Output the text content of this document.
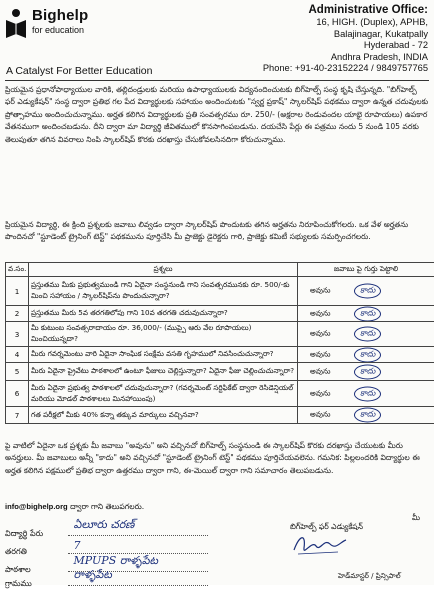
Bighelp
for education
A Catalyst For Better Education
Administrative Office:
16, HIGH. (Duplex), APHB,
Balajinagar, Kukatpally
Hyderabad - 72
Andhra Pradesh, INDIA
Phone: +91-40-23152224 / 9849757765
ప్రియమైన ప్రధానోపాధ్యాయుల వారికి, తల్లిదండ్రులకు మరియు ఉపాధ్యాయులకు విద్యనందించుటకు బిగ్‌హెల్ప్ సంస్థ కృషి చేస్తున్నది. "బిగ్‌హెల్ప్ ఫర్ ఎడ్యుకేషన్" సంస్థ ద్వారా ప్రతిభ గల పేద విద్యార్థులకు సహాయం అందించుటకు "స్వర్ణ ప్రకాష్" స్కాలర్‌షిప్ పథకము ద్వారా ఉన్నత చదువులకు ప్రోత్సాహము అందించుచున్నాము. అర్హత కలిగిన విద్యార్థులకు ప్రతి సంవత్సరము రూ. 250/- (అక్షరాల రెండువందల యాభై రూపాయలు) ఉపకార వేతనముగా అందించబడును. దీని ద్వారా మా విద్యార్థి జీవితములో కొనసాగింపబడును. దయచేసి పేర్లు ఈ పత్రము నందు 5 నుండి 105 వరకు తెలుపుతూ తగిన వివరాలు నింపి స్కాలర్‌షిప్ కొరకు దరఖాస్తు చేసుకోవలసినదిగా కోరుచున్నాము.
ప్రియమైన విద్యార్థి, ఈ క్రింది ప్రశ్నలకు జవాబు లివ్వడం ద్వారా స్కాలర్‌షిప్ పొందుటకు తగిన అర్హతను నిరూపించుకోగలరు. ఒక వేళ అర్హతను పొందినచో "స్టూడెంట్ ట్రైనింగ్ టెస్ట్" పథకమును పూర్తిచేసి మీ ప్రాజెక్టు డైరెక్టరు గారి, ప్రాజెక్టు కమిటీ సభ్యులకు సమర్పించగలరు.
వ.సం.	ప్రశ్నలు	జవాబు పై గుర్తు పెట్టాలి
1	ప్రస్తుతము మీకు ప్రభుత్వముండి గాని ఏదైనా సంస్థనుండి గాని సంవత్సరమునకు రూ. 500/-కు మించి సహాయం / స్కాలర్‌షిప్‌ను పొందుచున్నారా?	అవును కాదు

2	ప్రస్తుతము మీరు 5వ తరగతిలోపు గాని 10వ తరగతి చదువుచున్నారా?	అవును కాదు

3	మీ కుటుంబ సంవత్సరాదాయం రూ. 36,000/- (ముప్పై ఆరు వేల రూపాయలు) మించియున్నదా?	అవును కాదు

4	మీరు గవర్నమెంటు వారి ఏదైనా సాంఘిక సంక్షేమ వసతి గృహములో నివసించుచున్నారా?	అవును కాదు

5	మీరు ఏదైనా ప్రైవేటు పాఠశాలలో ఉంటూ ఫీజులు చెల్లిస్తున్నారా? ఏదైనా ఫీజు చెల్లించుచున్నారా?	అవును కాదు

6	మీరు ఏదైనా ప్రభుత్వ పాఠశాలలో చదువుచున్నారా? (గవర్నమెంట్ సర్టిఫికేట్ ద్వారా రెసిడెన్షియల్ మరియు మోడల్ పాఠశాలలు మినహాయింపు)	అవును కాదు

7	గత పరీక్షలో మీకు 40% కన్నా తక్కువ మార్కులు వచ్చినవా?	అవును కాదు
పై వాటిలో ఏదైనా ఒక ప్రశ్నకు మీ జవాబు "అవును" అని వచ్చినచో బిగ్‌హెల్ప్ సంస్థనుండి ఈ స్కాలర్‌షిప్ కొరకు దరఖాస్తు చేయుటకు మీరు అనర్హులు. మీ జవాబులు అన్నీ "కాదు" అని వచ్చినచో "స్టూడెంట్ ట్రైనింగ్ టెస్ట్" పథకము పూర్తిచేయవలెను. గమనిక: పిల్లలందరికి విద్యార్థుల ఈ అర్హత కలిగిన పక్షములో ప్రతిభ ద్వారా ఉత్తరము ద్వారా గాని, ఈ-మెయిల్ ద్వారా గాని సమాచారం తెలుపబడును.
info@bighelp.org ద్వారా గాని తెలుపగలరు.
విద్యార్థి పేరు
ఏలూరు చరణ్
తరగతి	7
పాఠశాల
MPUPS రాళ్ళపేట
గ్రామము
రాళ్ళపేట
మీ
బిగ్‌హెల్ప్ ఫర్ ఎడ్యుకేషన్
హెడ్‌మాస్టర్ / ప్రిన్సిపాల్
